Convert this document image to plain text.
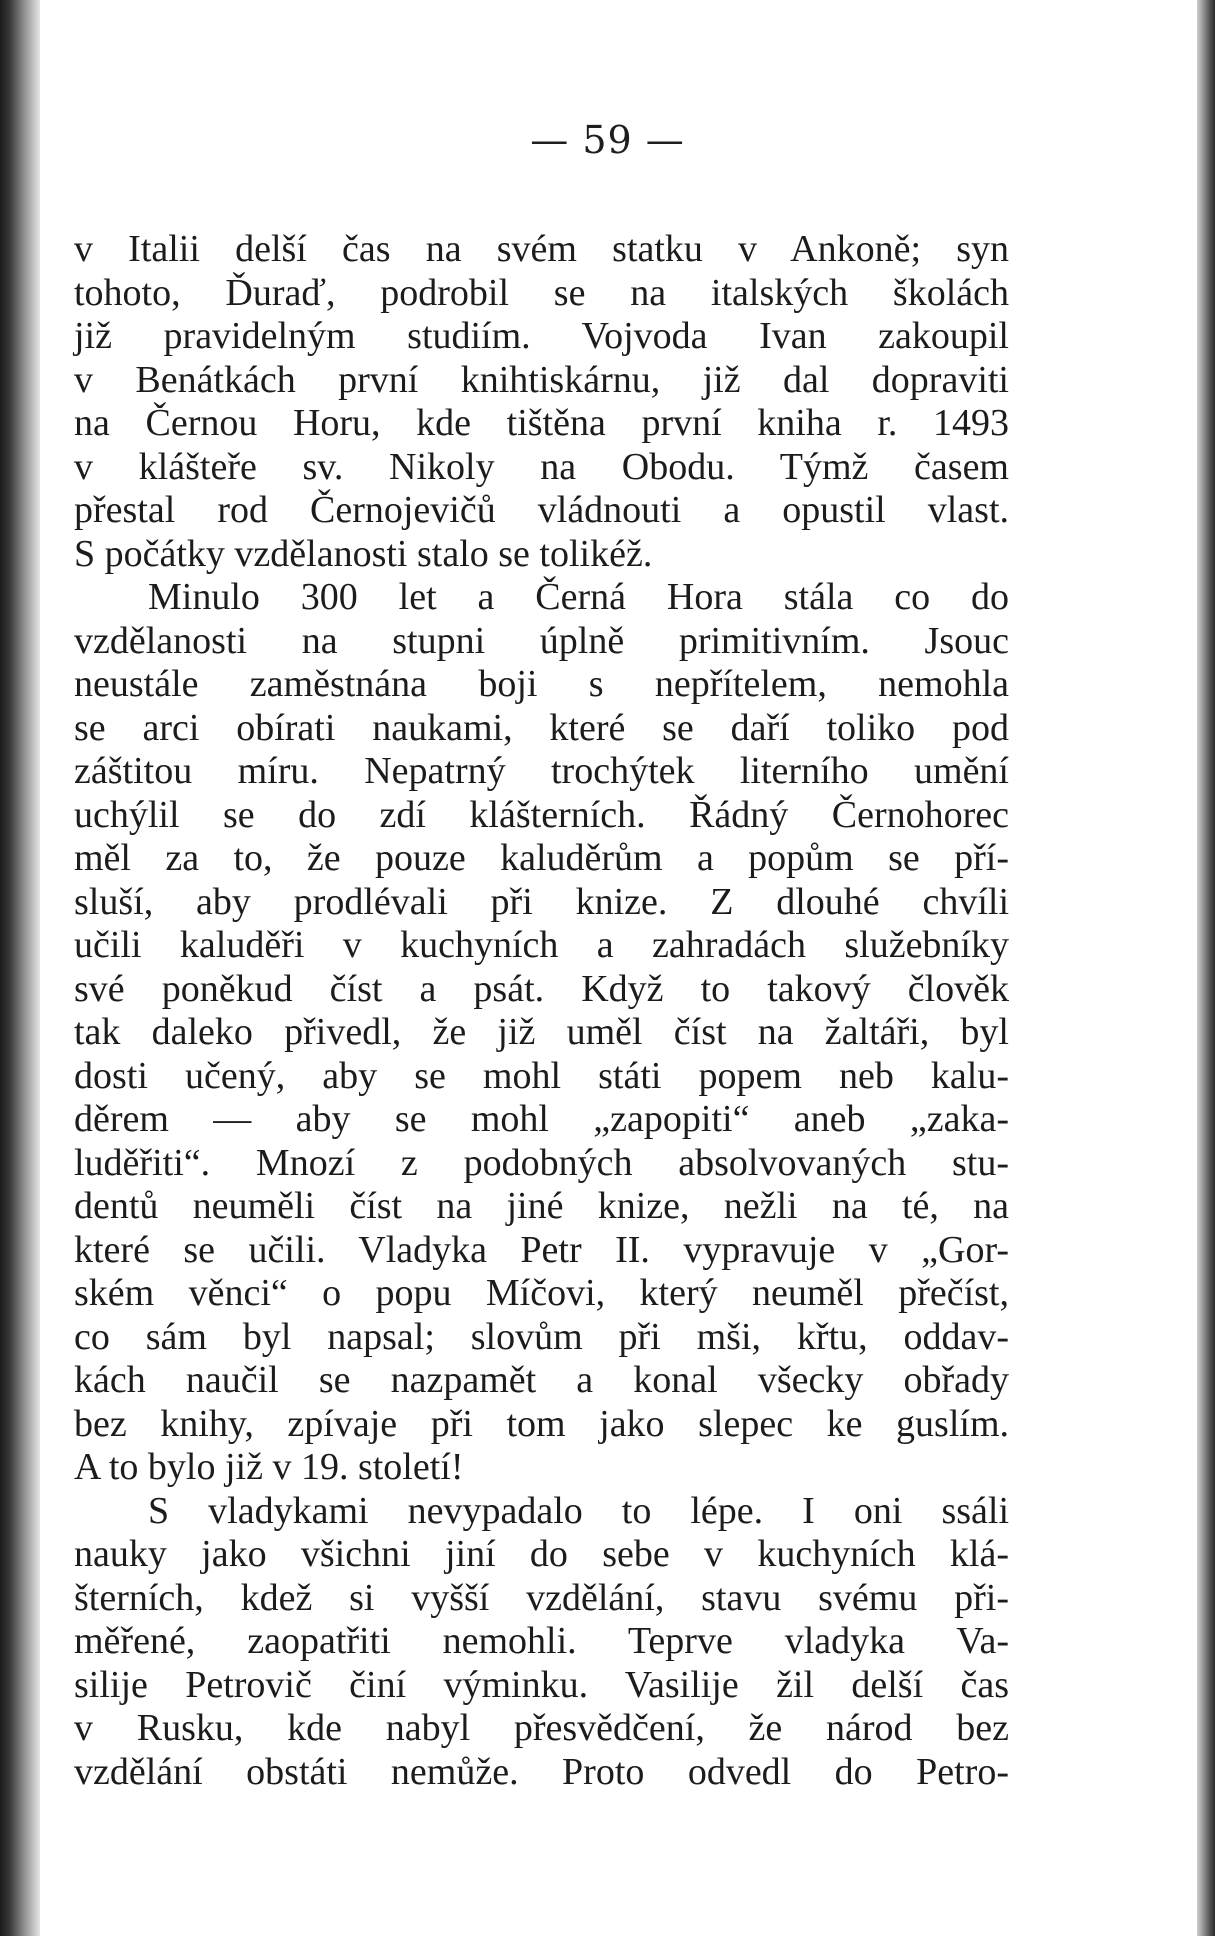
— 59 —
v Italii delší čas na svém statku v Ankoně; syn
tohoto, Ďuraď, podrobil se na italských školách
již pravidelným studiím. Vojvoda Ivan zakoupil
v Benátkách první knihtiskárnu, již dal dopraviti
na Černou Horu, kde tištěna první kniha r. 1493
v klášteře sv. Nikoly na Obodu. Týmž časem
přestal rod Černojevičů vládnouti a opustil vlast.
S počátky vzdělanosti stalo se tolikéž.
Minulo 300 let a Černá Hora stála co do
vzdělanosti na stupni úplně primitivním. Jsouc
neustále zaměstnána boji s nepřítelem, nemohla
se arci obírati naukami, které se daří toliko pod
záštitou míru. Nepatrný trochýtek literního umění
uchýlil se do zdí klášterních. Řádný Černohorec
měl za to, že pouze kaluděrům a popům se pří-
sluší, aby prodlévali při knize. Z dlouhé chvíli
učili kaluděři v kuchyních a zahradách služebníky
své poněkud číst a psát. Když to takový člověk
tak daleko přivedl, že již uměl číst na žaltáři, byl
dosti učený, aby se mohl státi popem neb kalu-
děrem — aby se mohl „zapopiti“ aneb „zaka-
luděřiti“. Mnozí z podobných absolvovaných stu-
dentů neuměli číst na jiné knize, nežli na té, na
které se učili. Vladyka Petr II. vypravuje v „Gor-
ském věnci“ o popu Míčovi, který neuměl přečíst,
co sám byl napsal; slovům při mši, křtu, oddav-
kách naučil se nazpamět a konal všecky obřady
bez knihy, zpívaje při tom jako slepec ke guslím.
A to bylo již v 19. století!
S vladykami nevypadalo to lépe. I oni ssáli
nauky jako všichni jiní do sebe v kuchyních klá-
šterních, kdež si vyšší vzdělání, stavu svému při-
měřené, zaopatřiti nemohli. Teprve vladyka Va-
silije Petrovič činí výminku. Vasilije žil delší čas
v Rusku, kde nabyl přesvědčení, že národ bez
vzdělání obstáti nemůže. Proto odvedl do Petro-
